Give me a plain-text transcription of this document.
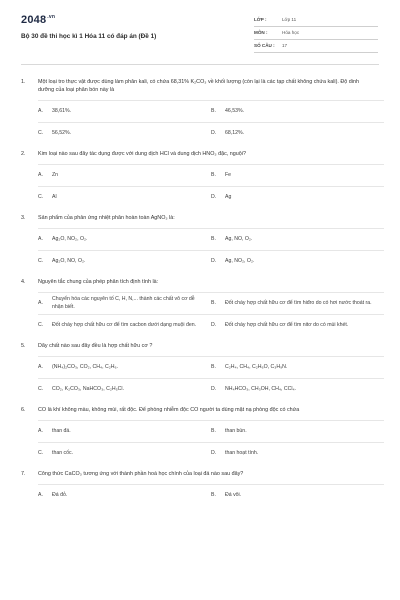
$2048^{.vn}$
Bộ 30 đề thi học kì 1 Hóa 11 có đáp án (Đề 1)
LỚP :	Lớp 11
MÔN :	Hóa học
SỐ CÂU : 17
1.	Một loại tro thực vật được dùng làm phân kali, có chứa 68,31% K₂CO₃ về khối lượng (còn lại là các tạp chất không chứa kali). Độ dinh dưỡng của loại phân bón này là
A.	38,61%.	B.	46,53%.
C.	56,52%.	D.	68,12%.
2.	Kim loại nào sau đây tác dụng được với dung dịch HCl và dung dịch HNO₃ đặc, nguội?
A.	Zn	B.	Fe
C.	Al	D.	Ag
3.	Sản phẩm của phản ứng nhiệt phân hoàn toàn AgNO₃ là:
A.	Ag₂O, NO₂, O₂.	B.	Ag, NO, O₂.
C.	Ag₂O, NO, O₂.	D.	Ag, NO₂, O₂.
4.	Nguyên tắc chung của phép phân tích định tính là:
A.
Chuyển hóa các nguyên tố C, H, N,... thành các chất vô cơ dễ nhận biết.
B.	Đốt cháy hợp chất hữu cơ để tìm hiđro do có hơi nước thoát ra.
C.	Đốt cháy hợp chất hữu cơ để tìm cacbon dưới dạng muội đen.	D.	Đốt cháy hợp chất hữu cơ để tìm nitơ do có mùi khét.
5.	Dãy chất nào sau đây đều là hợp chất hữu cơ ?
A.	(NH₄)₂CO₃, CO₂, CH₄, C₂H₆.	B.	C₂H₄, CH₄, C₂H₆O, C₃H₉N.
C.	CO₂, K₂CO₃, NaHCO₃, C₂H₅Cl.	D.	NH₄HCO₃, CH₃OH, CH₄, CCl₄.
6.	CO là khí không màu, không mùi, rất độc. Để phòng nhiễm độc CO người ta dùng mặt nạ phòng độc có chứa
A.	than đá.	B.	than bùn.
C.	than cốc.	D.	than hoạt tính.
7.	Công thức CaCO₃ tương ứng với thành phần hoá học chính của loại đá nào sau đây?
A.	Đá đỏ.	B.	Đá vôi.
